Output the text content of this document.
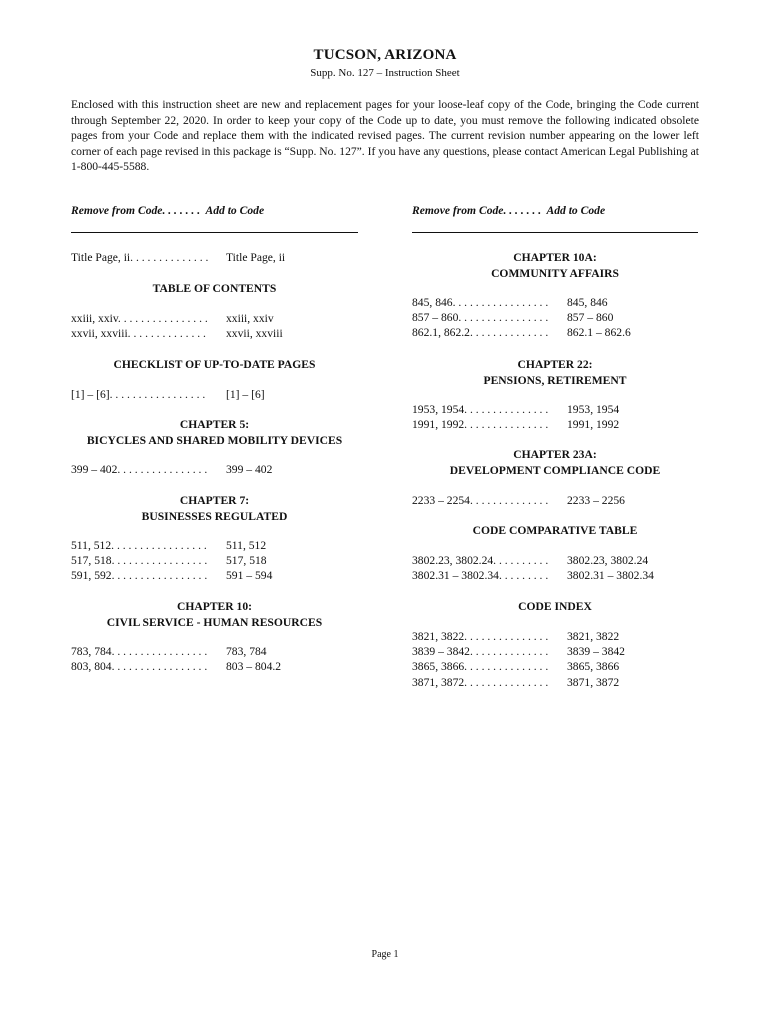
TUCSON, ARIZONA
Supp. No. 127 – Instruction Sheet
Enclosed with this instruction sheet are new and replacement pages for your loose-leaf copy of the Code, bringing the Code current through September 22, 2020. In order to keep your copy of the Code up to date, you must remove the following indicated obsolete pages from your Code and replace them with the indicated revised pages. The current revision number appearing on the lower left corner of each page revised in this package is “Supp. No. 127”. If you have any questions, please contact American Legal Publishing at 1-800-445-5588.
Remove from Code. . . . . . .  Add to Code	Remove from Code. . . . . . .  Add to Code
Title Page, ii. . . . . . . . . . . . . . Title Page, ii
TABLE OF CONTENTS
xxiii, xxiv. . . . . . . . . . . . . . . . xxiii, xxiv
xxvii, xxviii. . . . . . . . . . . . . . xxvii, xxviii
CHECKLIST OF UP-TO-DATE PAGES
[1] – [6]. . . . . . . . . . . . . . . . . [1] – [6]
CHAPTER 5:
BICYCLES AND SHARED MOBILITY DEVICES
399 – 402. . . . . . . . . . . . . . . . 399 – 402
CHAPTER 7:
BUSINESSES REGULATED
511, 512. . . . . . . . . . . . . . . . . 511, 512
517, 518. . . . . . . . . . . . . . . . . 517, 518
591, 592. . . . . . . . . . . . . . . . . 591 – 594
CHAPTER 10:
CIVIL SERVICE - HUMAN RESOURCES
783, 784. . . . . . . . . . . . . . . . . 783, 784
803, 804. . . . . . . . . . . . . . . . . 803 – 804.2
CHAPTER 10A:
COMMUNITY AFFAIRS
845, 846. . . . . . . . . . . . . . . . . 845, 846
857 – 860. . . . . . . . . . . . . . . . 857 – 860
862.1, 862.2. . . . . . . . . . . . . . 862.1 – 862.6
CHAPTER 22:
PENSIONS, RETIREMENT
1953, 1954. . . . . . . . . . . . . . . 1953, 1954
1991, 1992. . . . . . . . . . . . . . . 1991, 1992
CHAPTER 23A:
DEVELOPMENT COMPLIANCE CODE
2233 – 2254. . . . . . . . . . . . . . 2233 – 2256
CODE COMPARATIVE TABLE
3802.23, 3802.24. . . . . . . . . . 3802.23, 3802.24
3802.31 – 3802.34. . . . . . . . . 3802.31 – 3802.34
CODE INDEX
3821, 3822. . . . . . . . . . . . . . . 3821, 3822
3839 – 3842. . . . . . . . . . . . . . 3839 – 3842
3865, 3866. . . . . . . . . . . . . . . 3865, 3866
3871, 3872. . . . . . . . . . . . . . . 3871, 3872
Page 1
